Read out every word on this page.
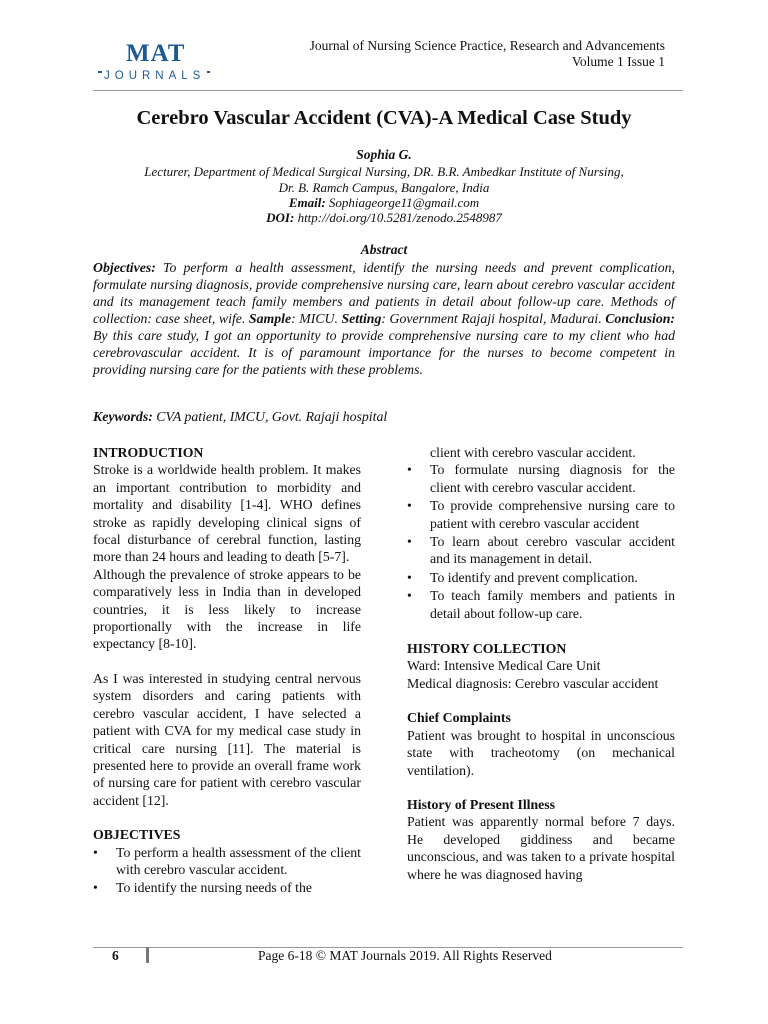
MAT
JOURNALS
Journal of Nursing Science Practice, Research and Advancements
Volume 1 Issue 1
Cerebro Vascular Accident (CVA)-A Medical Case Study
Sophia G.
Lecturer, Department of Medical Surgical Nursing, DR. B.R. Ambedkar Institute of Nursing,
Dr. B. Ramch Campus, Bangalore, India
Email: Sophiageorge11@gmail.com
DOI: http://doi.org/10.5281/zenodo.2548987
Abstract
Objectives: To perform a health assessment, identify the nursing needs and prevent complication, formulate nursing diagnosis, provide comprehensive nursing care, learn about cerebro vascular accident and its management teach family members and patients in detail about follow-up care. Methods of collection: case sheet, wife. Sample: MICU. Setting: Government Rajaji hospital, Madurai. Conclusion: By this care study, I got an opportunity to provide comprehensive nursing care to my client who had cerebrovascular accident. It is of paramount importance for the nurses to become competent in providing nursing care for the patients with these problems.
Keywords: CVA patient, IMCU, Govt. Rajaji hospital
INTRODUCTION

Stroke is a worldwide health problem. It makes an important contribution to morbidity and mortality and disability [1-4]. WHO defines stroke as rapidly developing clinical signs of focal disturbance of cerebral function, lasting more than 24 hours and leading to death [5-7].

Although the prevalence of stroke appears to be comparatively less in India than in developed countries, it is less likely to increase proportionally with the increase in life expectancy [8-10].

As I was interested in studying central nervous system disorders and caring patients with cerebro vascular accident, I have selected a patient with CVA for my medical case study in critical care nursing [11]. The material is presented here to provide an overall frame work of nursing care for patient with cerebro vascular accident [12].

OBJECTIVES
• To perform a health assessment of the client with cerebro vascular accident.
• To identify the nursing needs of the
client with cerebro vascular accident.
• To formulate nursing diagnosis for the client with cerebro vascular accident.
• To provide comprehensive nursing care to patient with cerebro vascular accident
• To learn about cerebro vascular accident and its management in detail.
• To identify and prevent complication.
• To teach family members and patients in detail about follow-up care.
HISTORY COLLECTION

Ward: Intensive Medical Care Unit

Medical diagnosis: Cerebro vascular accident

Chief Complaints

Patient was brought to hospital in unconscious state with tracheotomy (on mechanical ventilation).

History of Present Illness

Patient was apparently normal before 7 days. He developed giddiness and became unconscious, and was taken to a private hospital where he was diagnosed having

6	Page 6-18 © MAT Journals 2019. All Rights Reserved
